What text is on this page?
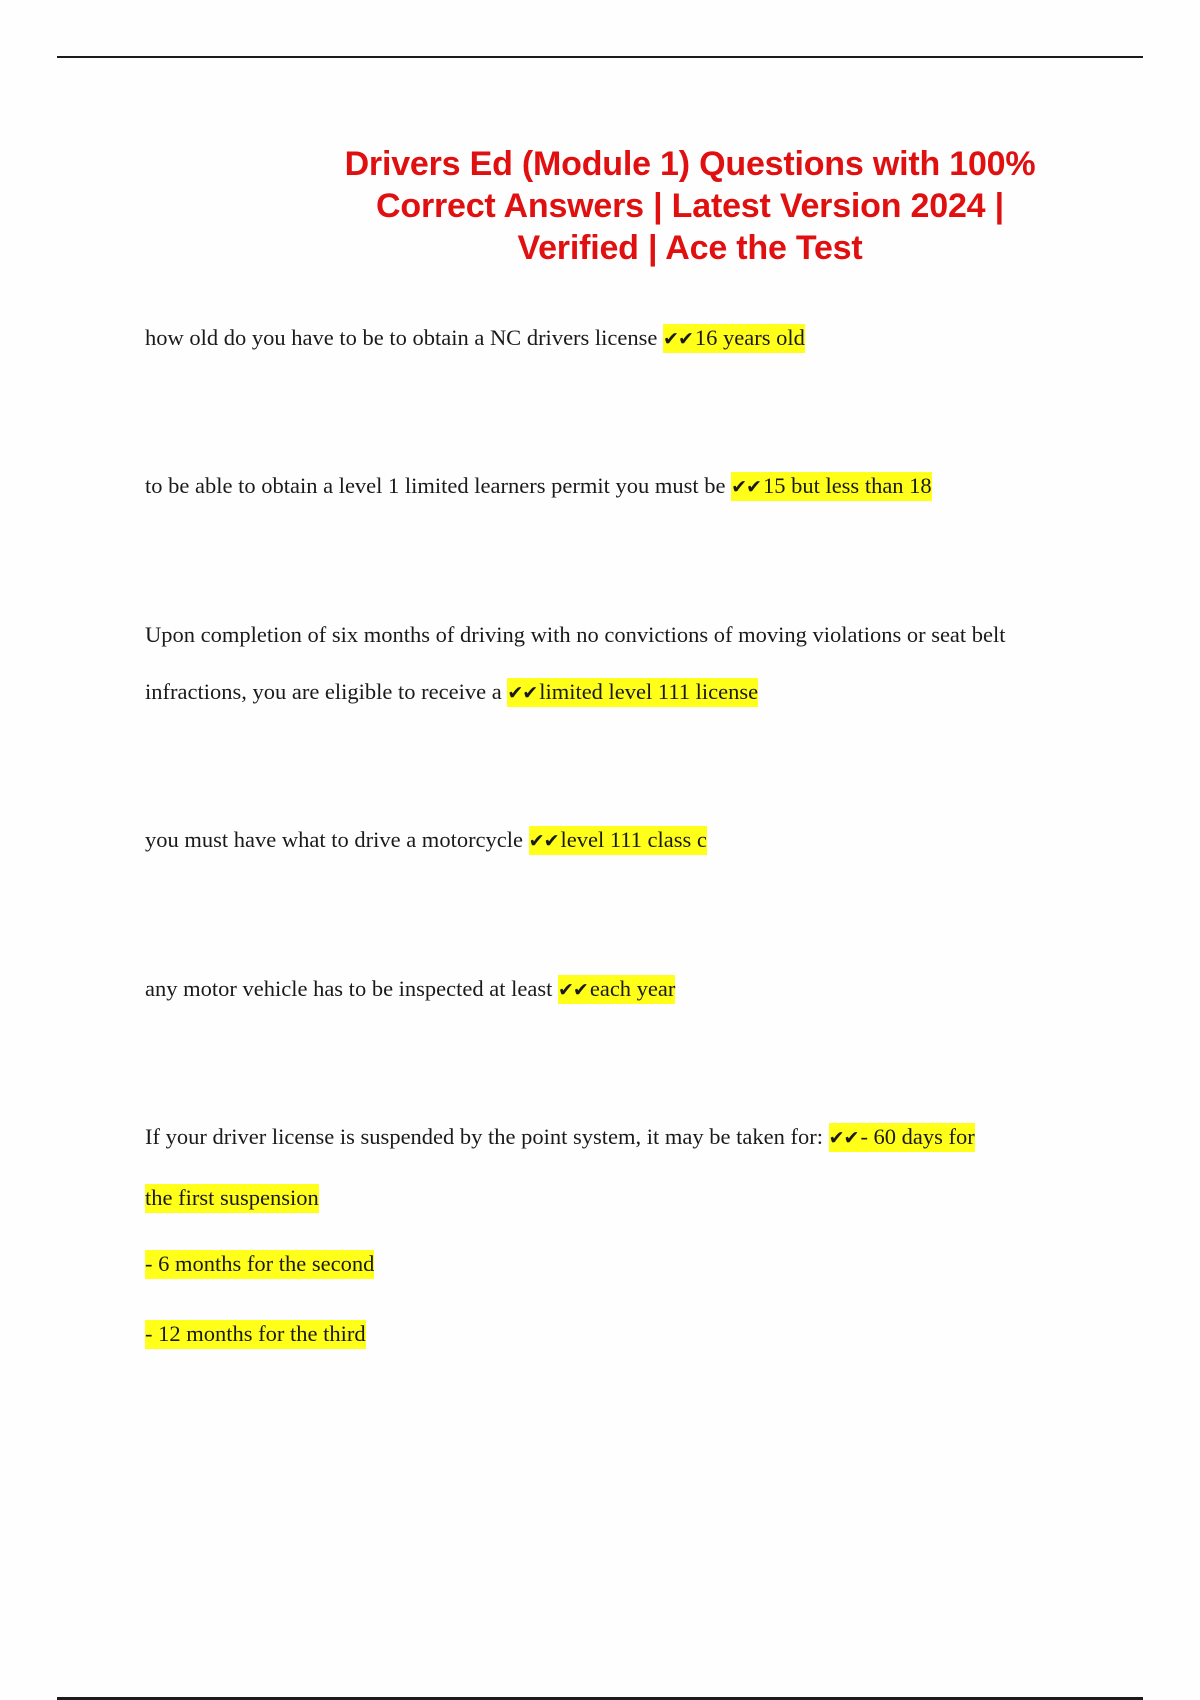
Drivers Ed (Module 1) Questions with 100%
Correct Answers | Latest Version 2024 |
Verified | Ace the Test
how old do you have to be to obtain a NC drivers license ✔✔16 years old
to be able to obtain a level 1 limited learners permit you must be ✔✔15 but less than 18
Upon completion of six months of driving with no convictions of moving violations or seat belt
infractions, you are eligible to receive a ✔✔limited level 111 license
you must have what to drive a motorcycle ✔✔level 111 class c
any motor vehicle has to be inspected at least ✔✔each year
If your driver license is suspended by the point system, it may be taken for: ✔✔- 60 days for
the first suspension
- 6 months for the second
- 12 months for the third
